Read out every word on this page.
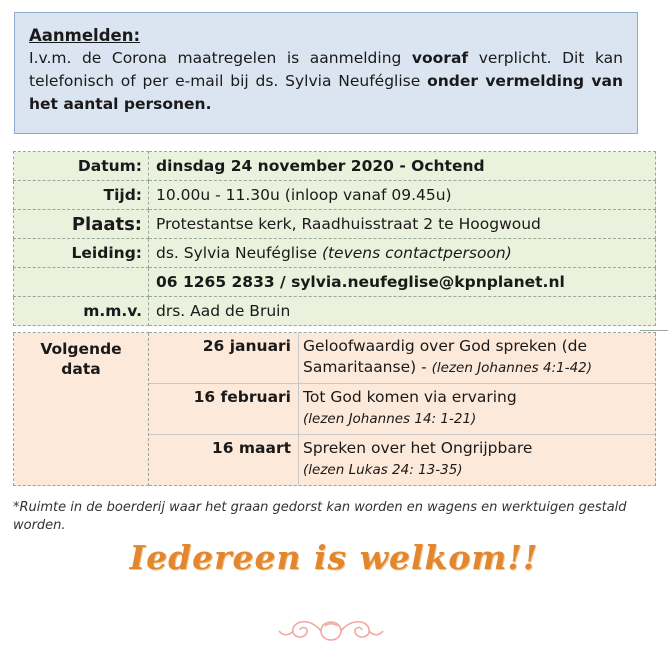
Aanmelden:
I.v.m. de Corona maatregelen is aanmelding vooraf verplicht. Dit kan telefonisch of per e-mail bij ds. Sylvia Neuféglise onder vermelding van het aantal personen.
Datum:	dinsdag 24 november 2020 - Ochtend
Tijd:	10.00u - 11.30u (inloop vanaf 09.45u)
Plaats:	Protestantse kerk, Raadhuisstraat 2 te Hoogwoud
Leiding:	ds. Sylvia Neuféglise (tevens contactpersoon)
	06 1265 2833 / sylvia.neufeglise@kpnplanet.nl
m.m.v.	drs. Aad de Bruin

Volgende data	
26 januari	Geloofwaardig over God spreken (de Samaritaanse) - (lezen Johannes 4:1-42)
16 februari	Tot God komen via ervaring
(lezen Johannes 14: 1-21)
16 maart	Spreken over het Ongrijpbare
(lezen Lukas 24: 13-35)
*Ruimte in de boerderij waar het graan gedorst kan worden en wagens en werktuigen gestald worden.
Iedereen is welkom!!
